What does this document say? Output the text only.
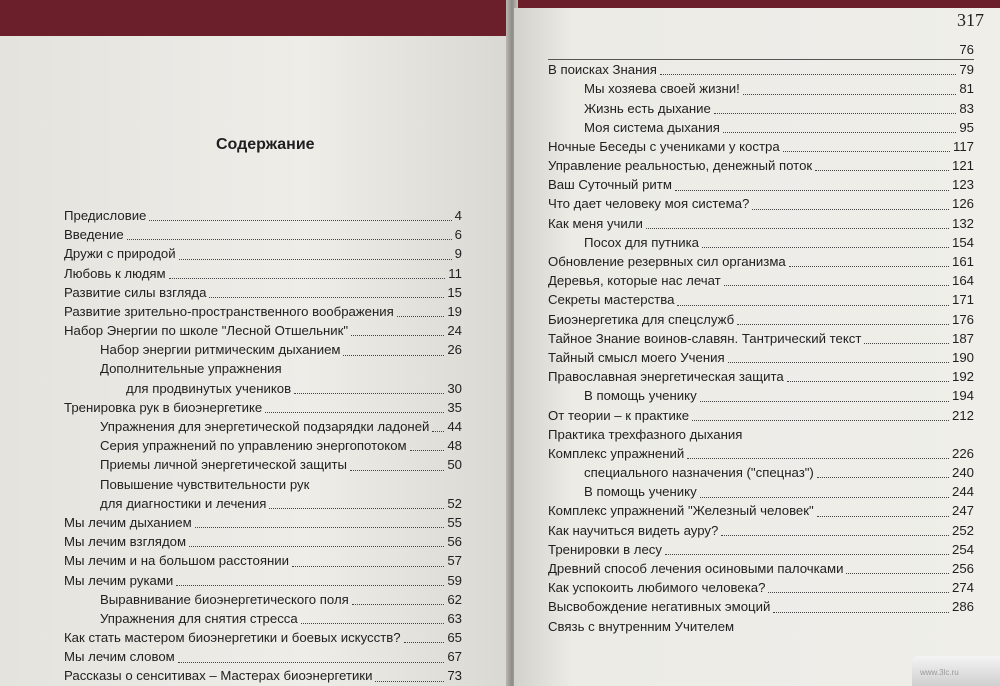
Содержание
Предисловие	4
Введение	6
Дружи с природой	9
Любовь к людям	11
Развитие силы взгляда	15
Развитие зрительно-пространственного воображения	19
Набор Энергии по школе "Лесной Отшельник"	24
Набор энергии ритмическим дыханием	26
Дополнительные упражнения
для продвинутых учеников	30
Тренировка рук в биоэнергетике	35
Упражнения для энергетической подзарядки ладоней 44
Серия упражнений по управлению энергопотоком	48
Приемы личной энергетической защиты	50
Повышение чувствительности рук
для диагностики и лечения	52
Мы лечим дыханием	55
Мы лечим взглядом	56
Мы лечим и на большом расстоянии	57
Мы лечим руками	59
Выравнивание биоэнергетического поля	62
Упражнения для снятия стресса	63
Как стать мастером биоэнергетики и боевых искусств?	65
Мы лечим словом	67
Рассказы о сенситивах – Мастерах биоэнергетики	73
317
76
В поисках Знания	79
Мы хозяева своей жизни!	81
Жизнь есть дыхание	83
Моя система дыхания	95
Ночные Беседы с учениками у костра	117
Управление реальностью, денежный поток	121
Ваш Суточный ритм	123
Что дает человеку моя система?	126
Как меня учили	132
Посох для путника	154
Обновление резервных сил организма	161
Деревья, которые нас лечат	164
Секреты мастерства	171
Биоэнергетика для спецслужб	176
Тайное Знание воинов-славян. Тантрический текст	187
Тайный смысл моего Учения	190
Православная энергетическая защита	192
В помощь ученику	194
От теории – к практике	212
Практика трехфазного дыхания
Комплекс упражнений	226
специального назначения ("спецназ")	240
В помощь ученику	244
Комплекс упражнений "Железный человек"	247
Как научиться видеть ауру?	252
Тренировки в лесу	254
Древний способ лечения осиновыми палочками	256
Как успокоить любимого человека?	274
Высвобождение негативных эмоций	286
Связь с внутренним Учителем
www.3lc.ru
